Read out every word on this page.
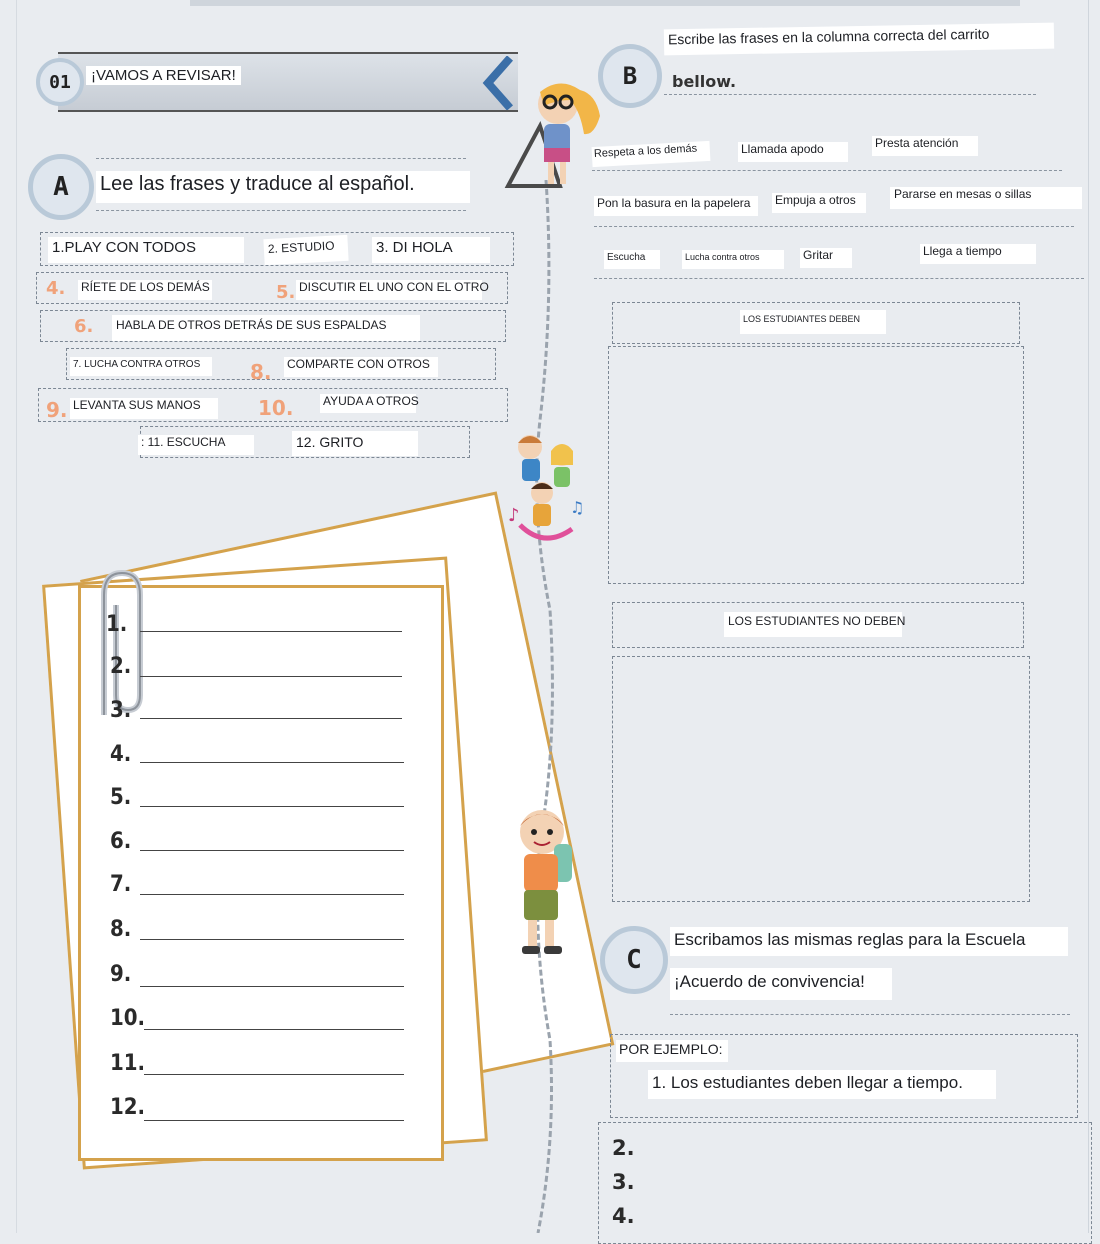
01	¡VAMOS A REVISAR!
A Lee las frases y traduce al español.
1.PLAY CON TODOS	2. ESTUDIO	3. DI HOLA
4. RÍETE DE LOS DEMÁS	5. DISCUTIR EL UNO CON EL OTRO
6.	HABLA DE OTROS DETRÁS DE SUS ESPALDAS
7. LUCHA CONTRA OTROS	8. COMPARTE CON OTROS
9. LEVANTA SUS MANOS	10. AYUDA A OTROS
: 11. ESCUCHA	12. GRITO
1.
2.
3.
4.
5.
6.
7.
8.
9.
10.
11.
12.
♪	♫
B
Escribe las frases en la columna correcta del carrito
bellow.
Respeta a los demás	Llamada apodo	Presta atención
Pon la basura en la papelera	Empuja a otros	Pararse en mesas o sillas
Escucha	Lucha contra otros	Gritar	Llega a tiempo
LOS ESTUDIANTES DEBEN
LOS ESTUDIANTES NO DEBEN
C
Escribamos las mismas reglas para la Escuela
¡Acuerdo de convivencia!
POR EJEMPLO:
1. Los estudiantes deben llegar a tiempo.
2.
3.
4.
